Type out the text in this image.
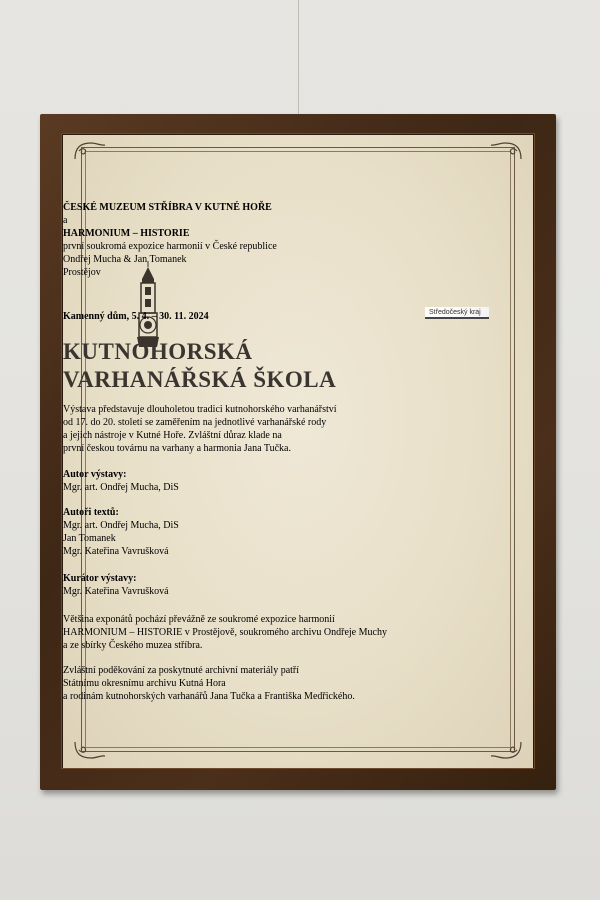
ČESKÉ MUZEUM STŘÍBRA V KUTNÉ HOŘE
a
HARMONIUM – HISTORIE
první soukromá expozice harmonií v České republice
Ondřej Mucha & Jan Tomanek
Prostějov
Kamenný dům, 5. 4. – 30. 11. 2024	Středočeský kraj
KUTNOHORSKÁ
VARHANÁŘSKÁ ŠKOLA
Výstava představuje dlouholetou tradici kutnohorského varhanářství
od 17. do 20. století se zaměřením na jednotlivé varhanářské rody
a jejich nástroje v Kutné Hoře. Zvláštní důraz klade na
první českou továrnu na varhany a harmonia Jana Tučka.
Autor výstavy:
Mgr. art. Ondřej Mucha, DiS
Autoři textů:
Mgr. art. Ondřej Mucha, DiS
Jan Tomanek
Mgr. Kateřina Vavrušková
Kurátor výstavy:
Mgr. Kateřina Vavrušková
Většina exponátů pochází převážně ze soukromé expozice harmonií
HARMONIUM – HISTORIE v Prostějově, soukromého archivu Ondřeje Muchy
a ze sbírky Českého muzea stříbra.
Zvláštní poděkování za poskytnuté archivní materiály patří
Státnímu okresnímu archivu Kutná Hora
a rodinám kutnohorských varhanářů Jana Tučka a Františka Medřického.
